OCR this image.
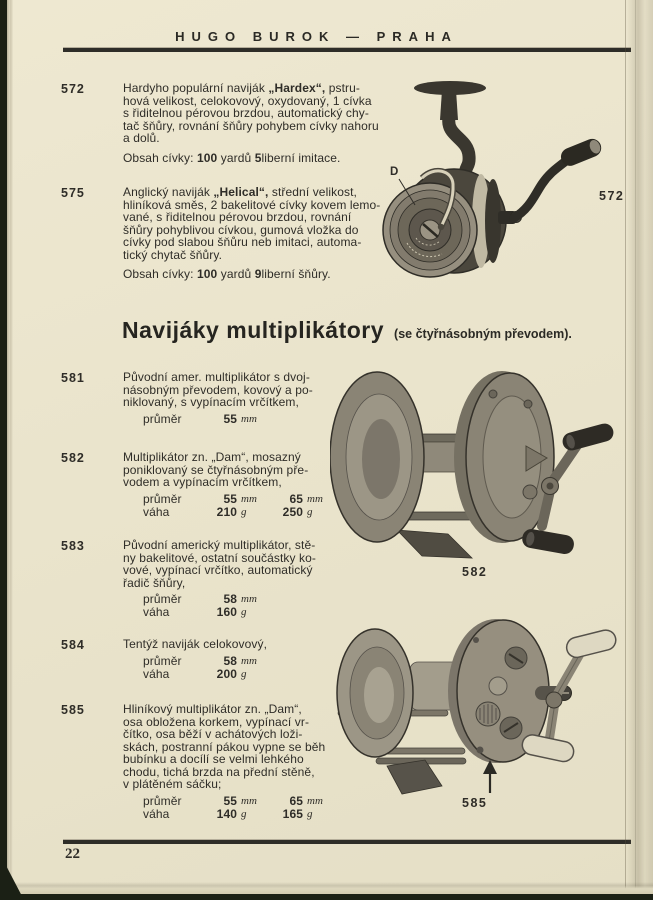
HUGO BUROK — PRAHA
572	Hardyho populární naviják „Hardex“, pstru-
hová velikost, celokovový, oxydovaný, 1 cívka
s řiditelnou pérovou brzdou, automatický chy-
tač šňůry, rovnání šňůry pohybem cívky nahoru
a dolů.
Obsah cívky: 100 yardů 5liberní imitace.
575	Anglický naviják „Helical“, střední velikost,
hliníková směs, 2 bakelitové cívky kovem lemo-
vané, s řiditelnou pérovou brzdou, rovnání
šňůry pohyblivou cívkou, gumová vložka do
cívky pod slabou šňůru neb imitaci, automa-
tický chytač šňůry.
Obsah cívky: 100 yardů 9liberní šňůry.
581	Původní amer. multiplikátor s dvoj-
násobným převodem, kovový a po-
niklovaný, s vypínacím vrčítkem,
průměr	55 mm
582	Multiplikátor zn. „Dam“, mosazný
poniklovaný se čtyřnásobným pře-
vodem a vypínacím vrčítkem,
průměr	55 mm	65 mm
váha	210 g	250 g
583	Původní americký multiplikátor, stě-
ny bakelitové, ostatní součástky ko-
vové, vypínací vrčítko, automatický
řadič šňůry,
průměr	58 mm
váha	160 g
584	Tentýž naviják celokovový,
průměr	58 mm
váha	200 g
585	Hliníkový multiplikátor zn. „Dam“,
osa obložena korkem, vypínací vr-
čítko, osa běží v achátových loži-
skách, postranní pákou vypne se běh
bubínku a docílí se velmi lehkého
chodu, tichá brzda na přední stěně,
v plátěném sáčku;
průměr	55 mm	65 mm
váha	140 g	165 g
Navijáky multiplikátory (se čtyřnásobným převodem).
D
572
582
585
22
